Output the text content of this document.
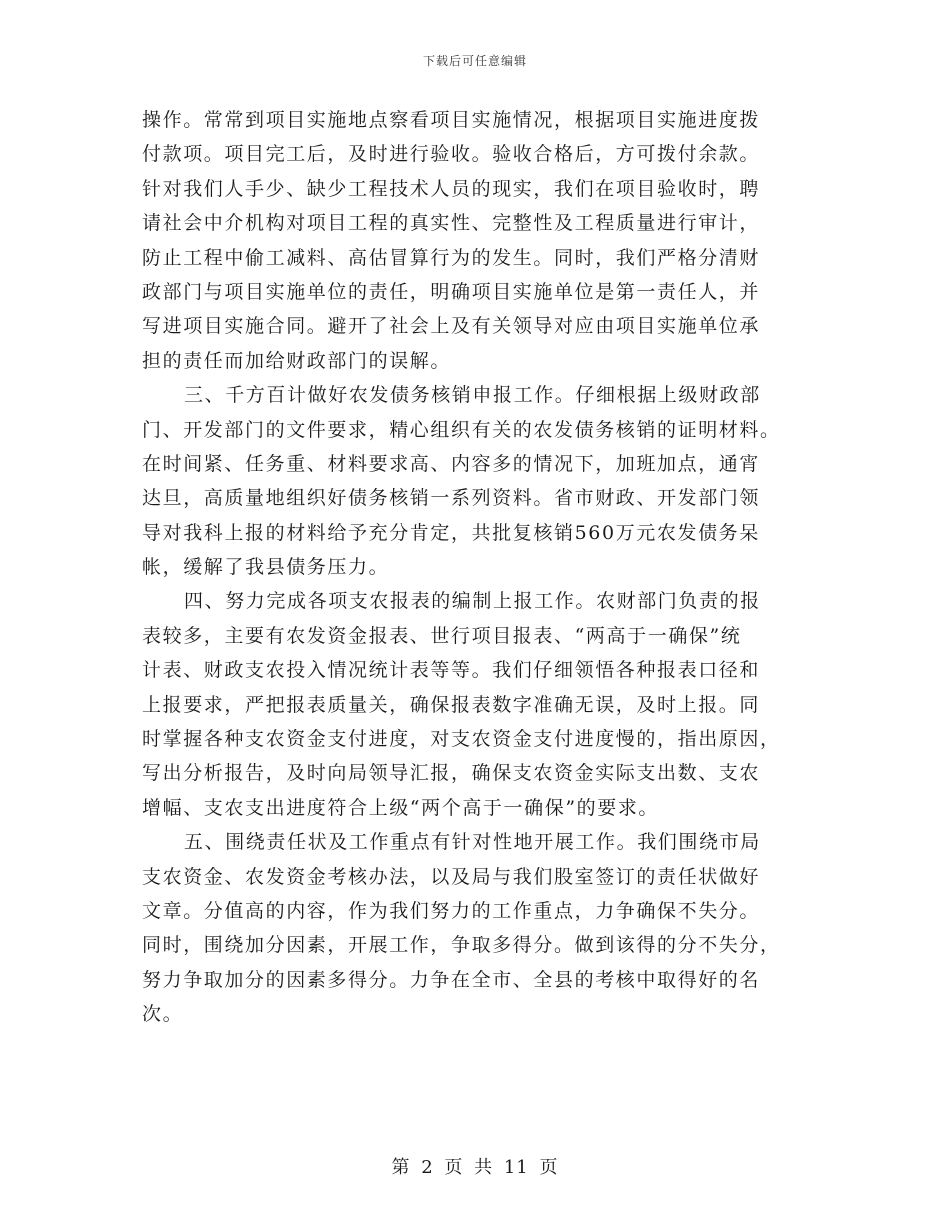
下载后可任意编辑
操作。常常到项目实施地点察看项目实施情况，根据项目实施进度拨
付款项。项目完工后，及时进行验收。验收合格后，方可拨付余款。
针对我们人手少、缺少工程技术人员的现实，我们在项目验收时，聘
请社会中介机构对项目工程的真实性、完整性及工程质量进行审计，
防止工程中偷工减料、高估冒算行为的发生。同时，我们严格分清财
政部门与项目实施单位的责任，明确项目实施单位是第一责任人，并
写进项目实施合同。避开了社会上及有关领导对应由项目实施单位承
担的责任而加给财政部门的误解。
三、千方百计做好农发债务核销申报工作。仔细根据上级财政部
门、开发部门的文件要求，精心组织有关的农发债务核销的证明材料。
在时间紧、任务重、材料要求高、内容多的情况下，加班加点，通宵
达旦，高质量地组织好债务核销一系列资料。省市财政、开发部门领
导对我科上报的材料给予充分肯定，共批复核销560万元农发债务呆
帐，缓解了我县债务压力。
四、努力完成各项支农报表的编制上报工作。农财部门负责的报
表较多，主要有农发资金报表、世行项目报表、“两高于一确保”统
计表、财政支农投入情况统计表等等。我们仔细领悟各种报表口径和
上报要求，严把报表质量关，确保报表数字准确无误，及时上报。同
时掌握各种支农资金支付进度，对支农资金支付进度慢的，指出原因，
写出分析报告，及时向局领导汇报，确保支农资金实际支出数、支农
增幅、支农支出进度符合上级“两个高于一确保”的要求。
五、围绕责任状及工作重点有针对性地开展工作。我们围绕市局
支农资金、农发资金考核办法，以及局与我们股室签订的责任状做好
文章。分值高的内容，作为我们努力的工作重点，力争确保不失分。
同时，围绕加分因素，开展工作，争取多得分。做到该得的分不失分，
努力争取加分的因素多得分。力争在全市、全县的考核中取得好的名
次。
第 2 页 共 11 页
